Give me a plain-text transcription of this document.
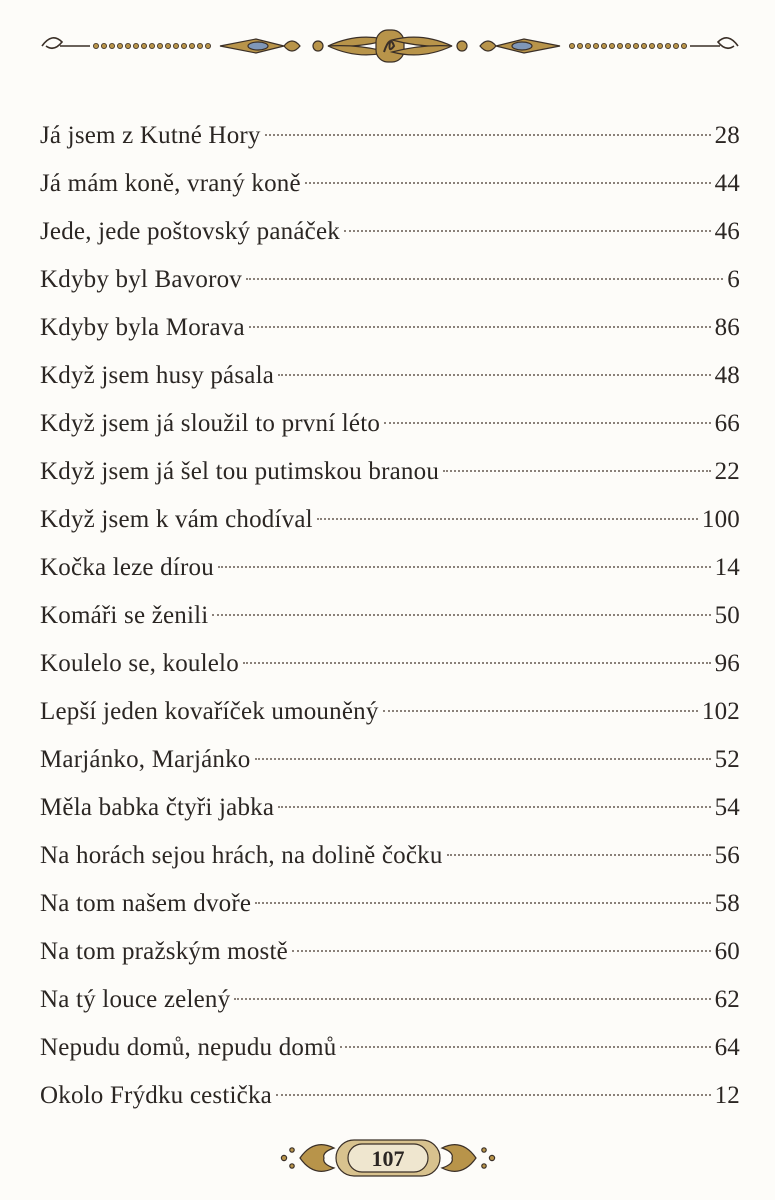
Já jsem z Kutné Hory	28
Já mám koně, vraný koně	44
Jede, jede poštovský panáček	46
Kdyby byl Bavorov	6
Kdyby byla Morava	86
Když jsem husy pásala	48
Když jsem já sloužil to první léto	66
Když jsem já šel tou putimskou branou	22
Když jsem k vám chodíval	100
Kočka leze dírou	14
Komáři se ženili	50
Koulelo se, koulelo	96
Lepší jeden kovaříček umouněný	102
Marjánko, Marjánko	52
Měla babka čtyři jabka	54
Na horách sejou hrách, na dolině čočku	56
Na tom našem dvoře	58
Na tom pražským mostě	60
Na tý louce zelený	62
Nepudu domů, nepudu domů	64
Okolo Frýdku cestička	12
107
